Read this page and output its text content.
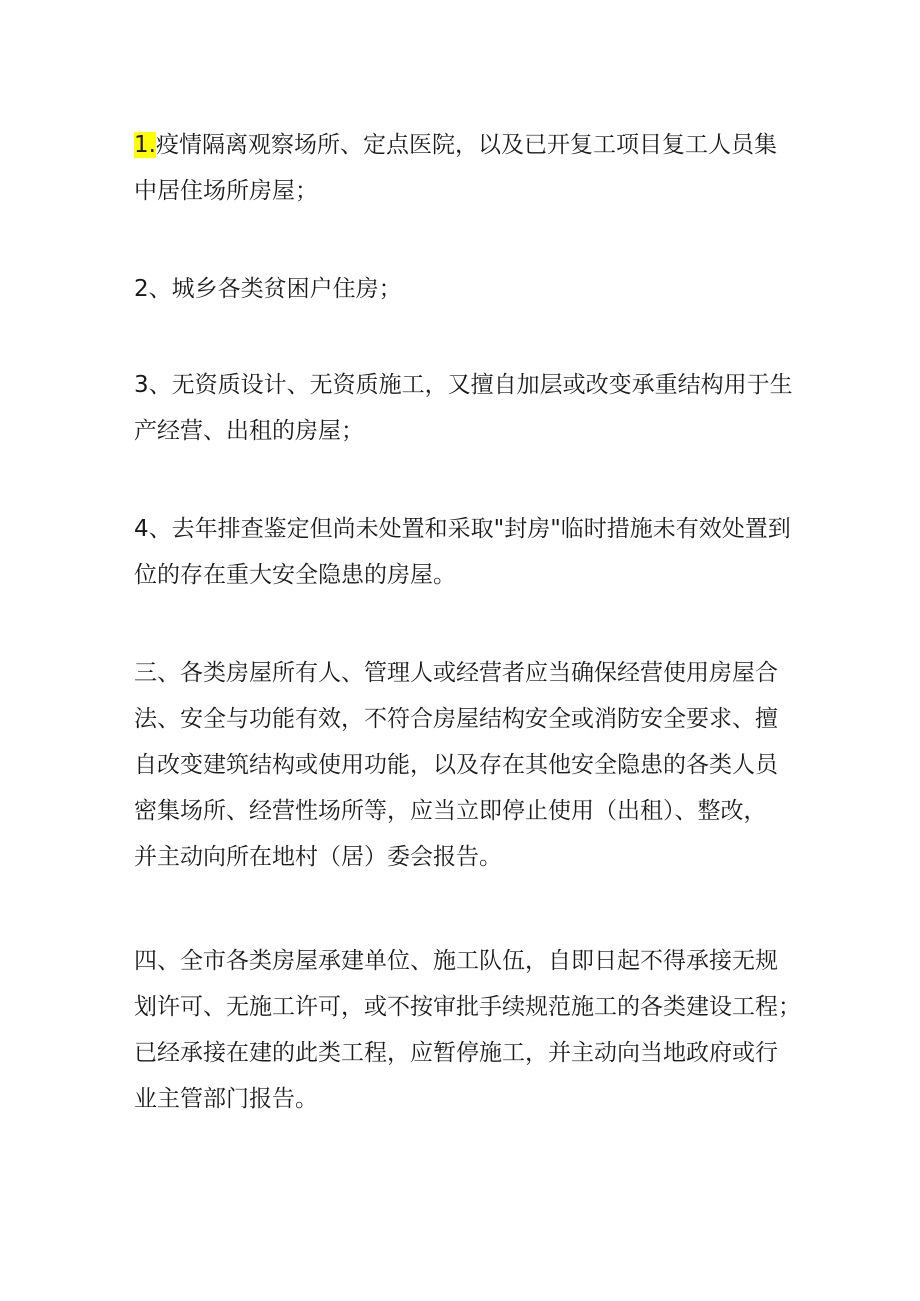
1.疫情隔离观察场所、定点医院，以及已开复工项目复工人员集
中居住场所房屋；

2、城乡各类贫困户住房；

3、无资质设计、无资质施工，又擅自加层或改变承重结构用于生
产经营、出租的房屋；

4、去年排查鉴定但尚未处置和采取"封房"临时措施未有效处置到
位的存在重大安全隐患的房屋。

三、各类房屋所有人、管理人或经营者应当确保经营使用房屋合
法、安全与功能有效，不符合房屋结构安全或消防安全要求、擅
自改变建筑结构或使用功能，以及存在其他安全隐患的各类人员
密集场所、经营性场所等，应当立即停止使用（出租）、整改，
并主动向所在地村（居）委会报告。

四、全市各类房屋承建单位、施工队伍，自即日起不得承接无规
划许可、无施工许可，或不按审批手续规范施工的各类建设工程；
已经承接在建的此类工程，应暂停施工，并主动向当地政府或行
业主管部门报告。
